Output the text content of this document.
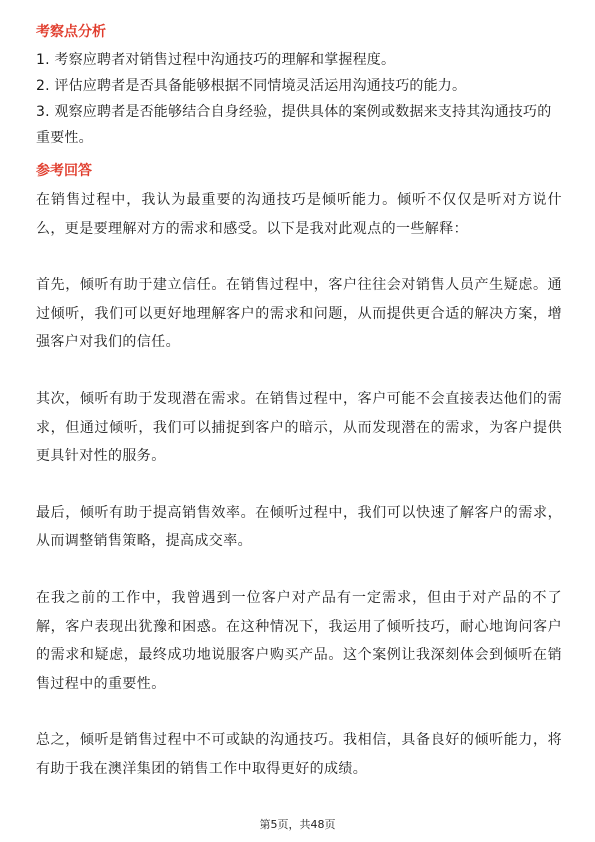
考察点分析

1. 考察应聘者对销售过程中沟通技巧的理解和掌握程度。

2. 评估应聘者是否具备能够根据不同情境灵活运用沟通技巧的能力。

3. 观察应聘者是否能够结合自身经验，提供具体的案例或数据来支持其沟通技巧的重要性。

参考回答

在销售过程中，我认为最重要的沟通技巧是倾听能力。倾听不仅仅是听对方说什么，更是要理解对方的需求和感受。以下是我对此观点的一些解释：

首先，倾听有助于建立信任。在销售过程中，客户往往会对销售人员产生疑虑。通过倾听，我们可以更好地理解客户的需求和问题，从而提供更合适的解决方案，增强客户对我们的信任。

其次，倾听有助于发现潜在需求。在销售过程中，客户可能不会直接表达他们的需求，但通过倾听，我们可以捕捉到客户的暗示，从而发现潜在的需求，为客户提供更具针对性的服务。

最后，倾听有助于提高销售效率。在倾听过程中，我们可以快速了解客户的需求，从而调整销售策略，提高成交率。

在我之前的工作中，我曾遇到一位客户对产品有一定需求，但由于对产品的不了解，客户表现出犹豫和困惑。在这种情况下，我运用了倾听技巧，耐心地询问客户的需求和疑虑，最终成功地说服客户购买产品。这个案例让我深刻体会到倾听在销售过程中的重要性。

总之，倾听是销售过程中不可或缺的沟通技巧。我相信，具备良好的倾听能力，将有助于我在澳洋集团的销售工作中取得更好的成绩。

第5页，共48页
